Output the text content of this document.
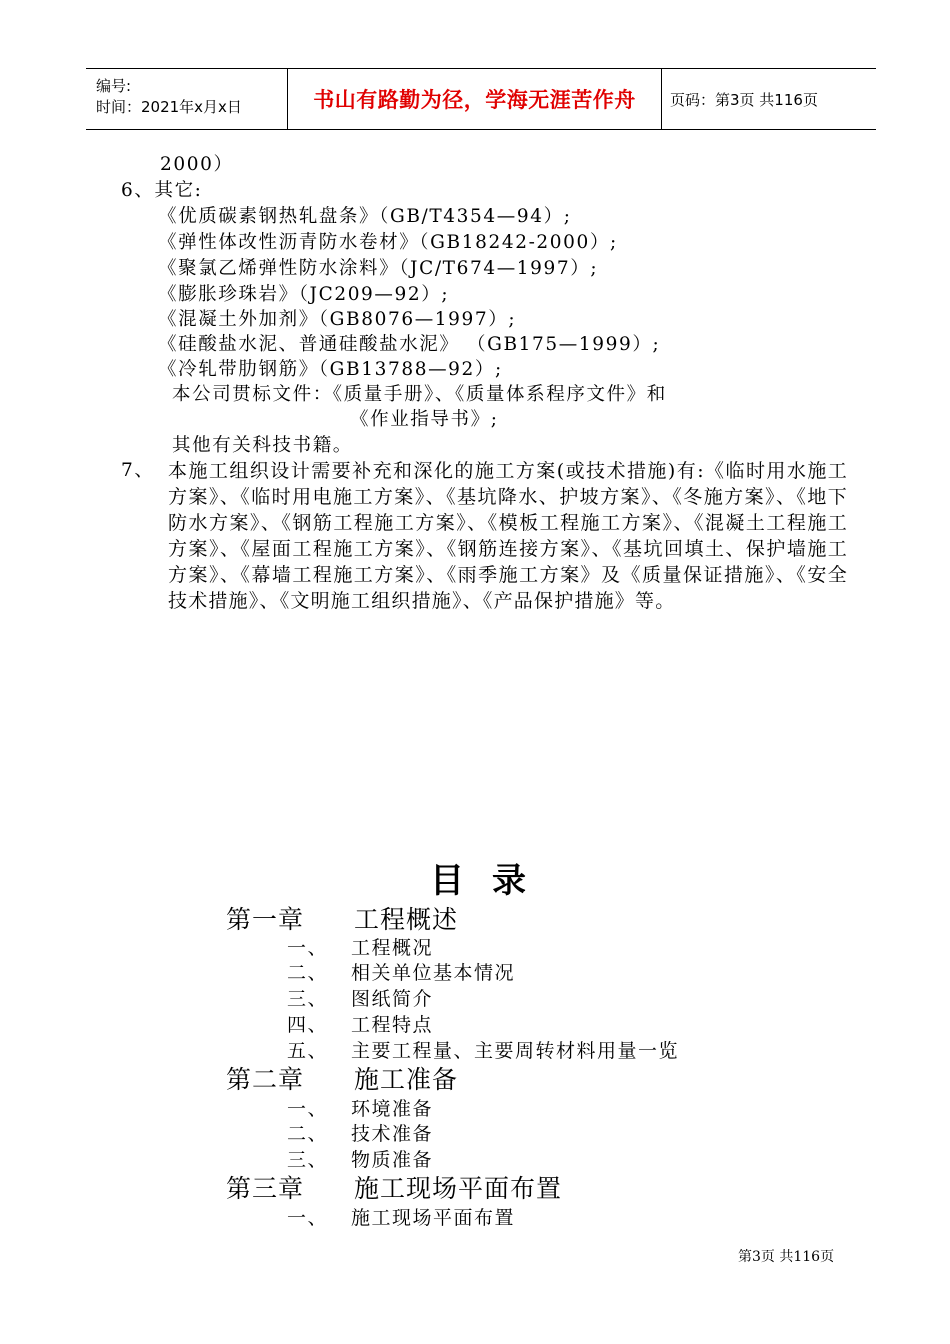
编号:
时间：2021年x月x日	书山有路勤为径，学海无涯苦作舟	页码：第3页 共116页
2000）
6、其它:
《优质碳素钢热轧盘条》（GB/T4354—94）;
《弹性体改性沥青防水卷材》（GB18242-2000）;
《聚氯乙烯弹性防水涂料》（JC/T674—1997）;
《膨胀珍珠岩》（JC209—92）;
《混凝土外加剂》（GB8076—1997）;
《硅酸盐水泥、普通硅酸盐水泥》 （GB175—1999）;
《冷轧带肋钢筋》（GB13788—92）;
本公司贯标文件：《质量手册》、《质量体系程序文件》和
《作业指导书》;
其他有关科技书籍。
7、 本施工组织设计需要补充和深化的施工方案(或技术措施)有:《临时用水施工方案》、《临时用电施工方案》、《基坑降水、护坡方案》、《冬施方案》、《地下防水方案》、《钢筋工程施工方案》、《模板工程施工方案》、《混凝土工程施工方案》、《屋面工程施工方案》、《钢筋连接方案》、《基坑回填土、保护墙施工方案》、《幕墙工程施工方案》、《雨季施工方案》及《质量保证措施》、《安全技术措施》、《文明施工组织措施》、《产品保护措施》等。
目录
第一章 工程概述
一、 工程概况
二、 相关单位基本情况
三、 图纸简介
四、 工程特点
五、 主要工程量、主要周转材料用量一览
第二章 施工准备
一、 环境准备
二、 技术准备
三、 物质准备
第三章 施工现场平面布置
一、 施工现场平面布置
第3页 共116页
